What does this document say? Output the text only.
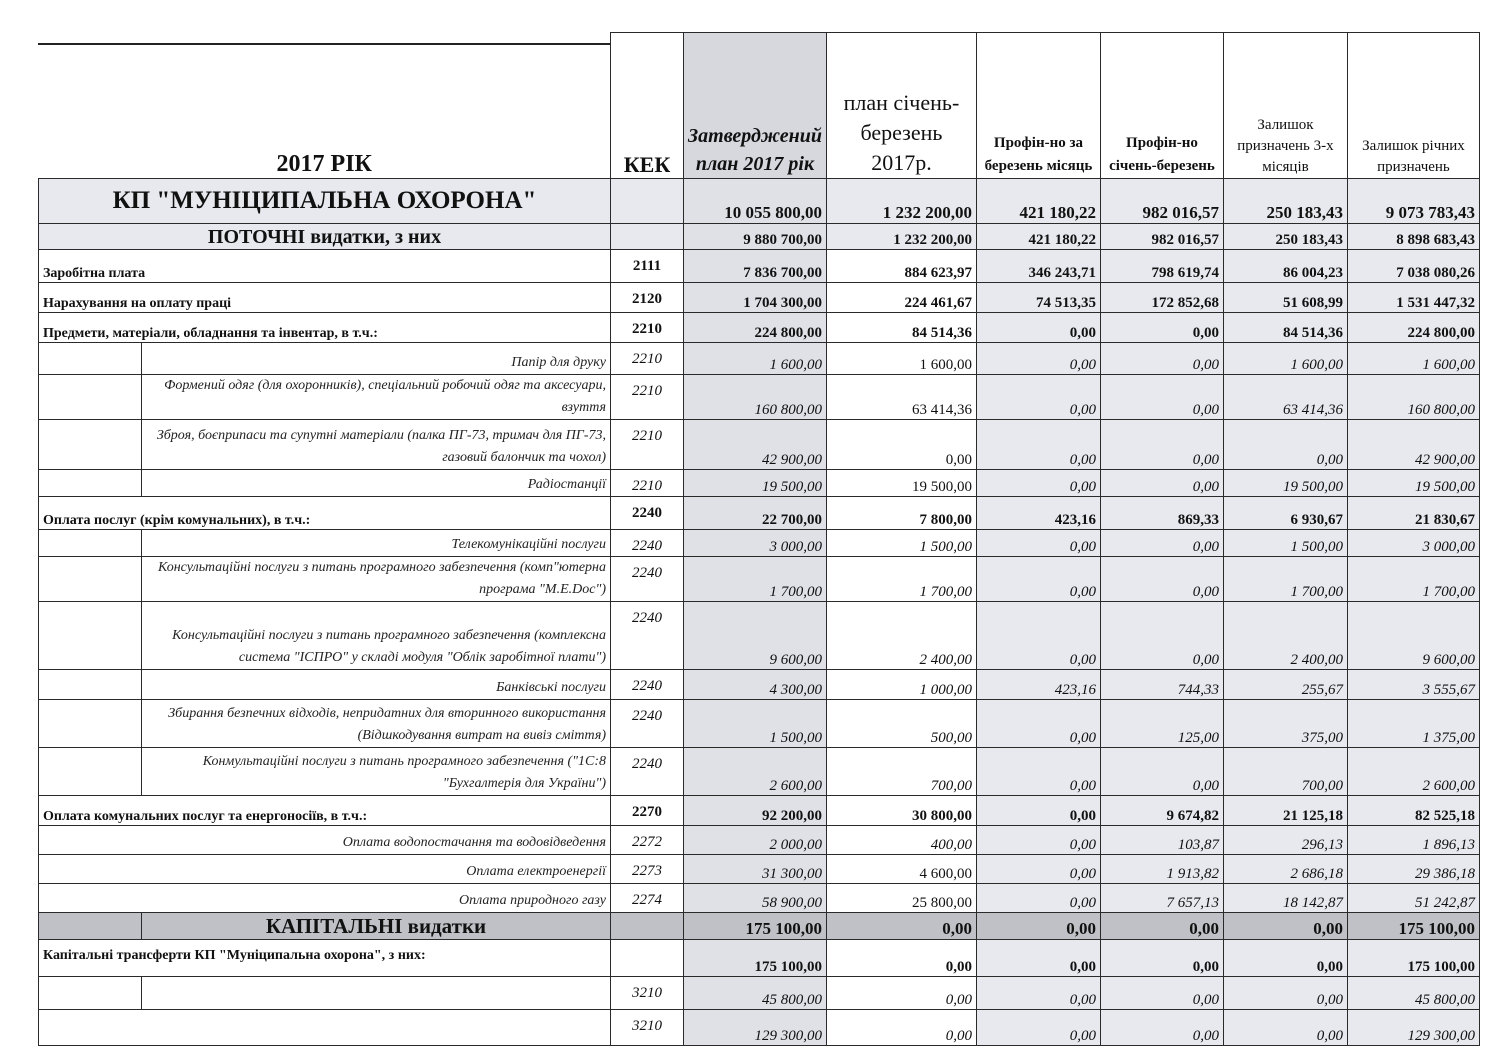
2017 РІК		КЕК	Затверджений план 2017 рік	план січень-березень 2017р.	Профін-но за березень місяць	Профін-но січень-березень	Залишок призначень 3-х місяців	Залишок річних призначень
КП "МУНІЦИПАЛЬНА ОХОРОНА"			10 055 800,00	1 232 200,00	421 180,22	982 016,57	250 183,43	9 073 783,43
ПОТОЧНІ видатки, з них			9 880 700,00	1 232 200,00	421 180,22	982 016,57	250 183,43	8 898 683,43
Заробітна плата		2111	7 836 700,00	884 623,97	346 243,71	798 619,74	86 004,23	7 038 080,26
Нарахування на оплату праці		2120	1 704 300,00	224 461,67	74 513,35	172 852,68	51 608,99	1 531 447,32
Предмети, матеріали, обладнання та інвентар, в т.ч.:		2210	224 800,00	84 514,36	0,00	0,00	84 514,36	224 800,00
	Папір для друку	2210	1 600,00	1 600,00	0,00	0,00	1 600,00	1 600,00
	Формений одяг (для охоронників), спеціальний робочий одяг та аксесуари, взуття	2210	160 800,00	63 414,36	0,00	0,00	63 414,36	160 800,00
	Зброя, боєприпаси та супутні матеріали (палка ПГ-73, тримач для ПГ-73, газовий балончик та чохол)	2210	42 900,00	0,00	0,00	0,00	0,00	42 900,00
	Радіостанції	2210	19 500,00	19 500,00	0,00	0,00	19 500,00	19 500,00
Оплата послуг (крім комунальних), в т.ч.:		2240	22 700,00	7 800,00	423,16	869,33	6 930,67	21 830,67
	Телекомунікаційні послуги	2240	3 000,00	1 500,00	0,00	0,00	1 500,00	3 000,00
	Консультаційні послуги з питань програмного забезпечення (комп"ютерна програма "M.E.Doc")	2240	1 700,00	1 700,00	0,00	0,00	1 700,00	1 700,00
	Консультаційні послуги з питань програмного забезпечення (комплексна система "ІСПРО" у складі модуля "Облік заробітної плати")	2240	9 600,00	2 400,00	0,00	0,00	2 400,00	9 600,00
	Банківські послуги	2240	4 300,00	1 000,00	423,16	744,33	255,67	3 555,67
	Збирання безпечних відходів, непридатних для вторинного використання (Відшкодування витрат на вивіз сміття)	2240	1 500,00	500,00	0,00	125,00	375,00	1 375,00
	Конмультаційні послуги з питань програмного забезпечення ("1С:8 "Бухгалтерія для України")	2240	2 600,00	700,00	0,00	0,00	700,00	2 600,00
Оплата комунальних послуг та енергоносіїв, в т.ч.:		2270	92 200,00	30 800,00	0,00	9 674,82	21 125,18	82 525,18
Оплата водопостачання та водовідведення		2272	2 000,00	400,00	0,00	103,87	296,13	1 896,13
Оплата електроенергії		2273	31 300,00	4 600,00	0,00	1 913,82	2 686,18	29 386,18
Оплата природного газу		2274	58 900,00	25 800,00	0,00	7 657,13	18 142,87	51 242,87
	КАПІТАЛЬНІ видатки		175 100,00	0,00	0,00	0,00	0,00	175 100,00
Капітальні трансферти КП "Муніципальна охорона", з них:			175 100,00	0,00	0,00	0,00	0,00	175 100,00
		3210	45 800,00	0,00	0,00	0,00	0,00	45 800,00
		3210	129 300,00	0,00	0,00	0,00	0,00	129 300,00
